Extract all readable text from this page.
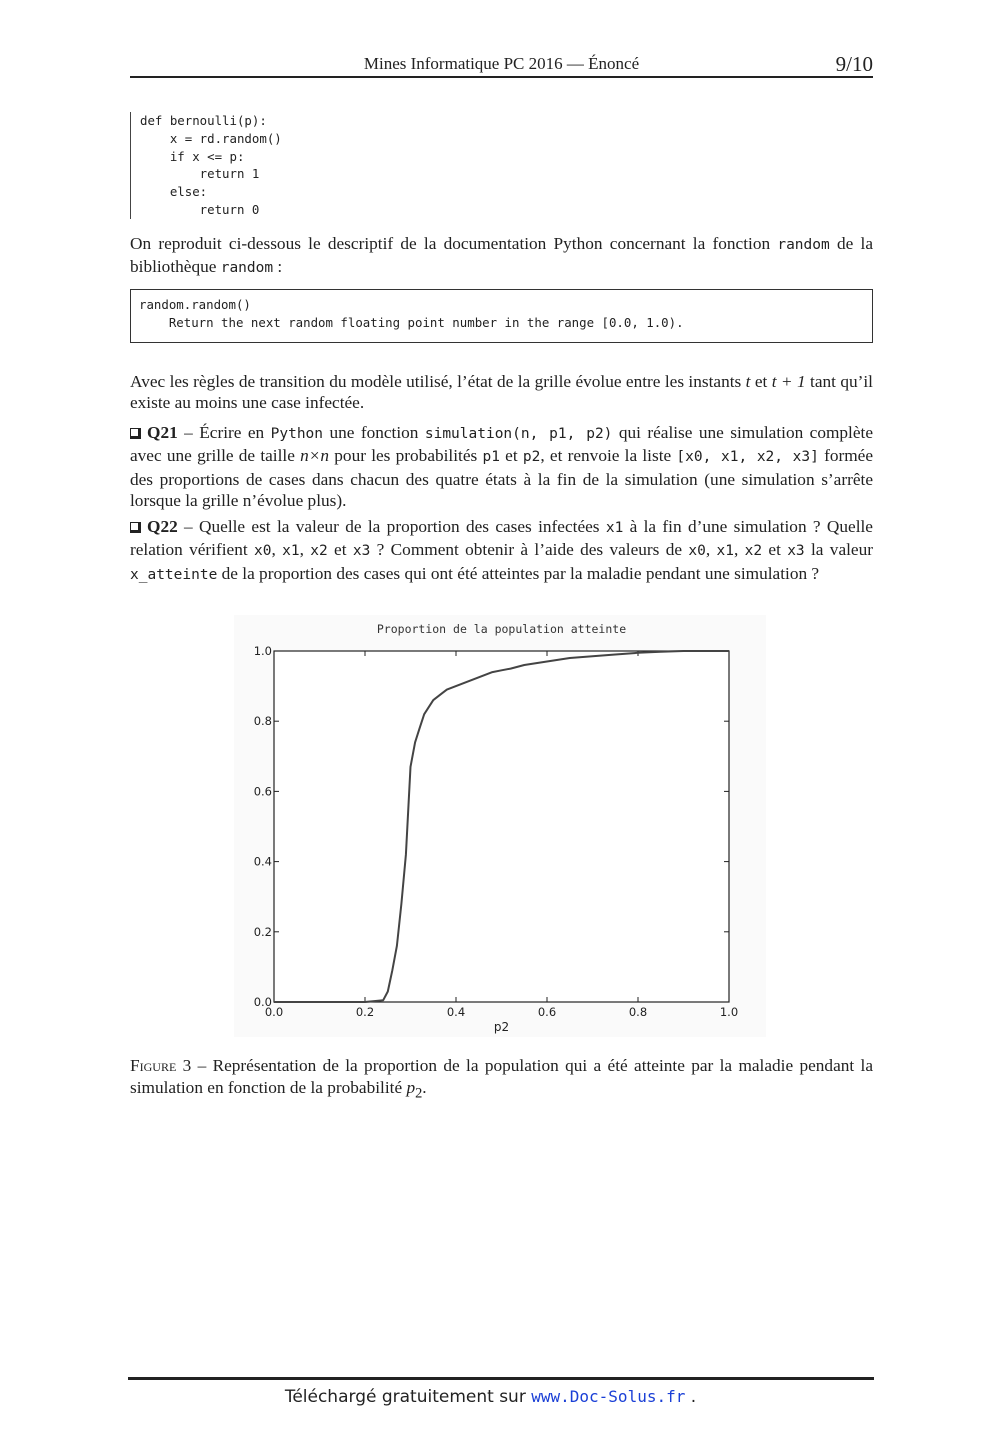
Mines Informatique PC 2016 — Énoncé	9/10
def bernoulli(p):
x = rd.random()
if x <= p:
return 1
else:
return 0
On reproduit ci-dessous le descriptif de la documentation Python concernant la fonction random de la bibliothèque random :
random.random()
Return the next random floating point number in the range [0.0, 1.0).
Avec les règles de transition du modèle utilisé, l’état de la grille évolue entre les instants t et t + 1 tant qu’il existe au moins une case infectée.
Q21 – Écrire en Python une fonction simulation(n, p1, p2) qui réalise une simulation complète avec une grille de taille n×n pour les probabilités p1 et p2, et renvoie la liste [x0, x1, x2, x3] formée des proportions de cases dans chacun des quatre états à la fin de la simulation (une simulation s’arrête lorsque la grille n’évolue plus).
Q22 – Quelle est la valeur de la proportion des cases infectées x1 à la fin d’une simulation ? Quelle relation vérifient x0, x1, x2 et x3 ? Comment obtenir à l’aide des valeurs de x0, x1, x2 et x3 la valeur x_atteinte de la proportion des cases qui ont été atteintes par la maladie pendant une simulation ?
Proportion de la population atteinte
0.0	0.2	0.4	0.6	0.8	1.0
0.0
0.2
0.4
0.6
0.8
1.0
p2
Figure 3 – Représentation de la proportion de la population qui a été atteinte par la maladie pendant la simulation en fonction de la probabilité $p_2$.
Téléchargé gratuitement sur www.Doc-Solus.fr .
